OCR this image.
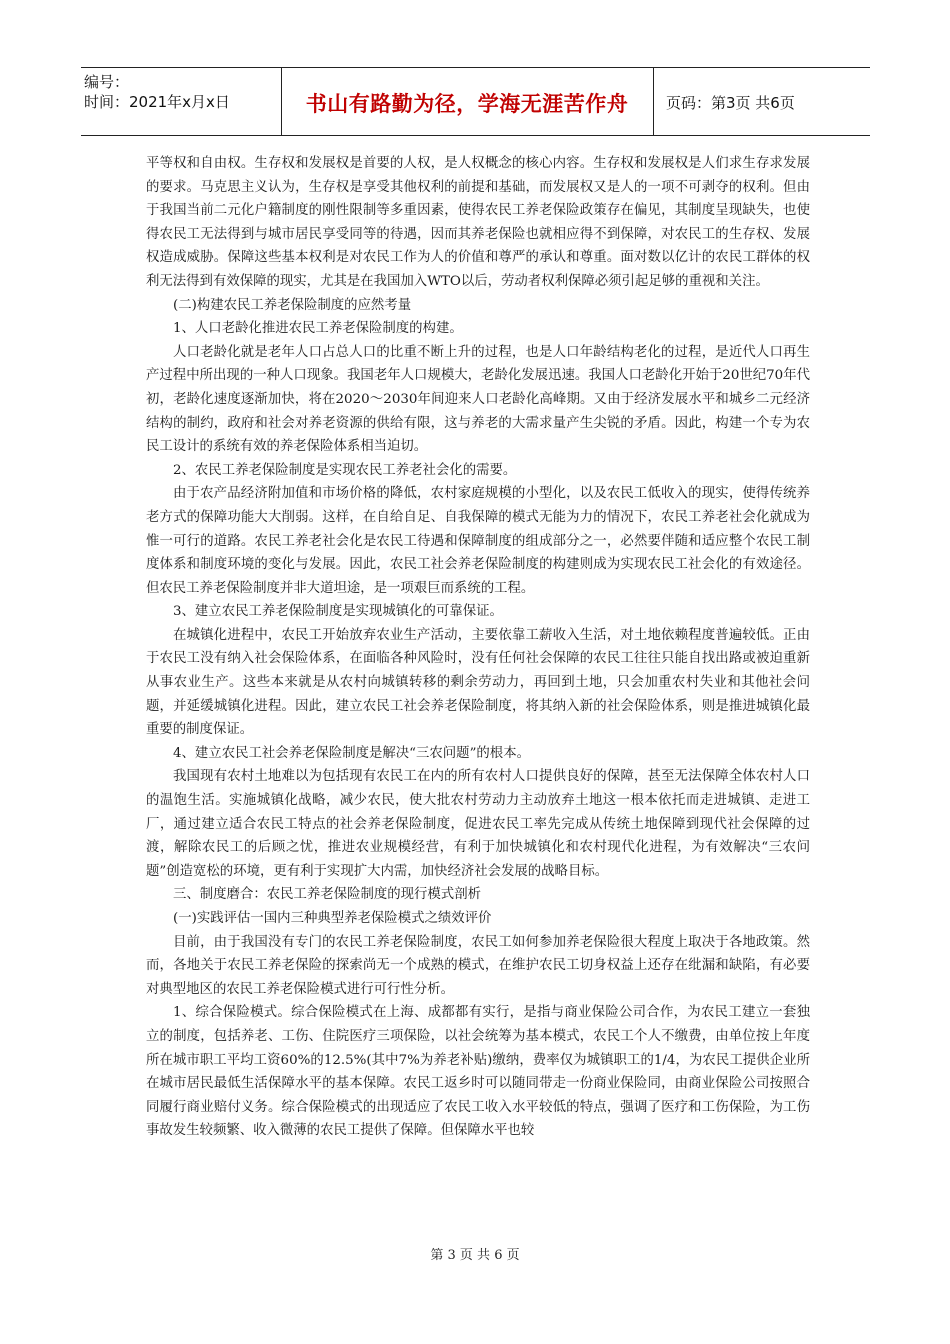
编号：
时间：2021年x月x日	书山有路勤为径，学海无涯苦作舟	页码：第3页 共6页

平等权和自由权。生存权和发展权是首要的人权，是人权概念的核心内容。生存权和发展权是人们求生存求发展的要求。马克思主义认为，生存权是享受其他权利的前提和基础，而发展权又是人的一项不可剥夺的权利。但由于我国当前二元化户籍制度的刚性限制等多重因素，使得农民工养老保险政策存在偏见，其制度呈现缺失，也使得农民工无法得到与城市居民享受同等的待遇，因而其养老保险也就相应得不到保障，对农民工的生存权、发展权造成威胁。保障这些基本权利是对农民工作为人的价值和尊严的承认和尊重。面对数以亿计的农民工群体的权利无法得到有效保障的现实，尤其是在我国加入WTO以后，劳动者权利保障必须引起足够的重视和关注。

(二)构建农民工养老保险制度的应然考量

1、人口老龄化推进农民工养老保险制度的构建。

人口老龄化就是老年人口占总人口的比重不断上升的过程，也是人口年龄结构老化的过程，是近代人口再生产过程中所出现的一种人口现象。我国老年人口规模大，老龄化发展迅速。我国人口老龄化开始于20世纪70年代初，老龄化速度逐渐加快，将在2020～2030年间迎来人口老龄化高峰期。又由于经济发展水平和城乡二元经济结构的制约，政府和社会对养老资源的供给有限，这与养老的大需求量产生尖锐的矛盾。因此，构建一个专为农民工设计的系统有效的养老保险体系相当迫切。

2、农民工养老保险制度是实现农民工养老社会化的需要。

由于农产品经济附加值和市场价格的降低，农村家庭规模的小型化，以及农民工低收入的现实，使得传统养老方式的保障功能大大削弱。这样，在自给自足、自我保障的模式无能为力的情况下，农民工养老社会化就成为惟一可行的道路。农民工养老社会化是农民工待遇和保障制度的组成部分之一，必然要伴随和适应整个农民工制度体系和制度环境的变化与发展。因此，农民工社会养老保险制度的构建则成为实现农民工社会化的有效途径。但农民工养老保险制度并非大道坦途，是一项艰巨而系统的工程。

3、建立农民工养老保险制度是实现城镇化的可靠保证。

在城镇化进程中，农民工开始放弃农业生产活动，主要依靠工薪收入生活，对土地依赖程度普遍较低。正由于农民工没有纳入社会保险体系，在面临各种风险时，没有任何社会保障的农民工往往只能自找出路或被迫重新从事农业生产。这些本来就是从农村向城镇转移的剩余劳动力，再回到土地，只会加重农村失业和其他社会问题，并延缓城镇化进程。因此，建立农民工社会养老保险制度，将其纳入新的社会保险体系，则是推进城镇化最重要的制度保证。

4、建立农民工社会养老保险制度是解决“三农问题”的根本。

我国现有农村土地难以为包括现有农民工在内的所有农村人口提供良好的保障，甚至无法保障全体农村人口的温饱生活。实施城镇化战略，减少农民，使大批农村劳动力主动放弃土地这一根本依托而走进城镇、走进工厂，通过建立适合农民工特点的社会养老保险制度，促进农民工率先完成从传统土地保障到现代社会保障的过渡，解除农民工的后顾之忧，推进农业规模经营，有利于加快城镇化和农村现代化进程，为有效解决“三农问题”创造宽松的环境，更有利于实现扩大内需，加快经济社会发展的战略目标。

三、制度磨合：农民工养老保险制度的现行模式剖析

(一)实践评估一国内三种典型养老保险模式之绩效评价

目前，由于我国没有专门的农民工养老保险制度，农民工如何参加养老保险很大程度上取决于各地政策。然而，各地关于农民工养老保险的探索尚无一个成熟的模式，在维护农民工切身权益上还存在纰漏和缺陷，有必要对典型地区的农民工养老保险模式进行可行性分析。

1、综合保险模式。综合保险模式在上海、成都都有实行，是指与商业保险公司合作，为农民工建立一套独立的制度，包括养老、工伤、住院医疗三项保险，以社会统筹为基本模式，农民工个人不缴费，由单位按上年度所在城市职工平均工资60%的12.5%(其中7%为养老补贴)缴纳，费率仅为城镇职工的1/4，为农民工提供企业所在城市居民最低生活保障水平的基本保障。农民工返乡时可以随同带走一份商业保险同，由商业保险公司按照合同履行商业赔付义务。综合保险模式的出现适应了农民工收入水平较低的特点，强调了医疗和工伤保险，为工伤事故发生较频繁、收入微薄的农民工提供了保障。但保障水平也较

第 3 页 共 6 页
